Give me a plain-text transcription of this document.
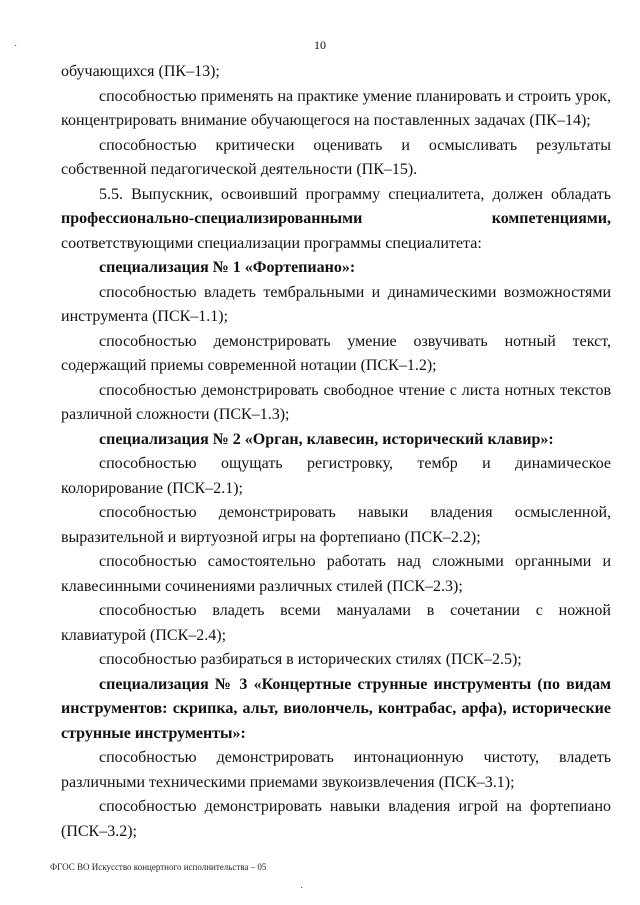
·
·
10

обучающихся (ПК–13);

способностью применять на практике умение планировать и строить урок, концентрировать внимание обучающегося на поставленных задачах (ПК–14);

способностью критически оценивать и осмысливать результаты собственной педагогической деятельности (ПК–15).

5.5. Выпускник, освоивший программу специалитета, должен обладать профессионально-специализированными компетенциями, соответствующими специализации программы специалитета:

специализация № 1 «Фортепиано»:

способностью владеть тембральными и динамическими возможностями инструмента (ПСК–1.1);

способностью демонстрировать умение озвучивать нотный текст, содержащий приемы современной нотации (ПСК–1.2);

способностью демонстрировать свободное чтение с листа нотных текстов различной сложности (ПСК–1.3);

специализация № 2 «Орган, клавесин, исторический клавир»:

способностью ощущать регистровку, тембр и динамическое колорирование (ПСК–2.1);

способностью демонстрировать навыки владения осмысленной, выразительной и виртуозной игры на фортепиано (ПСК–2.2);

способностью самостоятельно работать над сложными органными и клавесинными сочинениями различных стилей (ПСК–2.3);

способностью владеть всеми мануалами в сочетании с ножной клавиатурой (ПСК–2.4);

способностью разбираться в исторических стилях (ПСК–2.5);

специализация № 3 «Концертные струнные инструменты (по видам инструментов: скрипка, альт, виолончель, контрабас, арфа), исторические струнные инструменты»:

способностью демонстрировать интонационную чистоту, владеть различными техническими приемами звукоизвлечения (ПСК–3.1);

способностью демонстрировать навыки владения игрой на фортепиано (ПСК–3.2);

ФГОС ВО Искусство концертного исполнительства – 05
